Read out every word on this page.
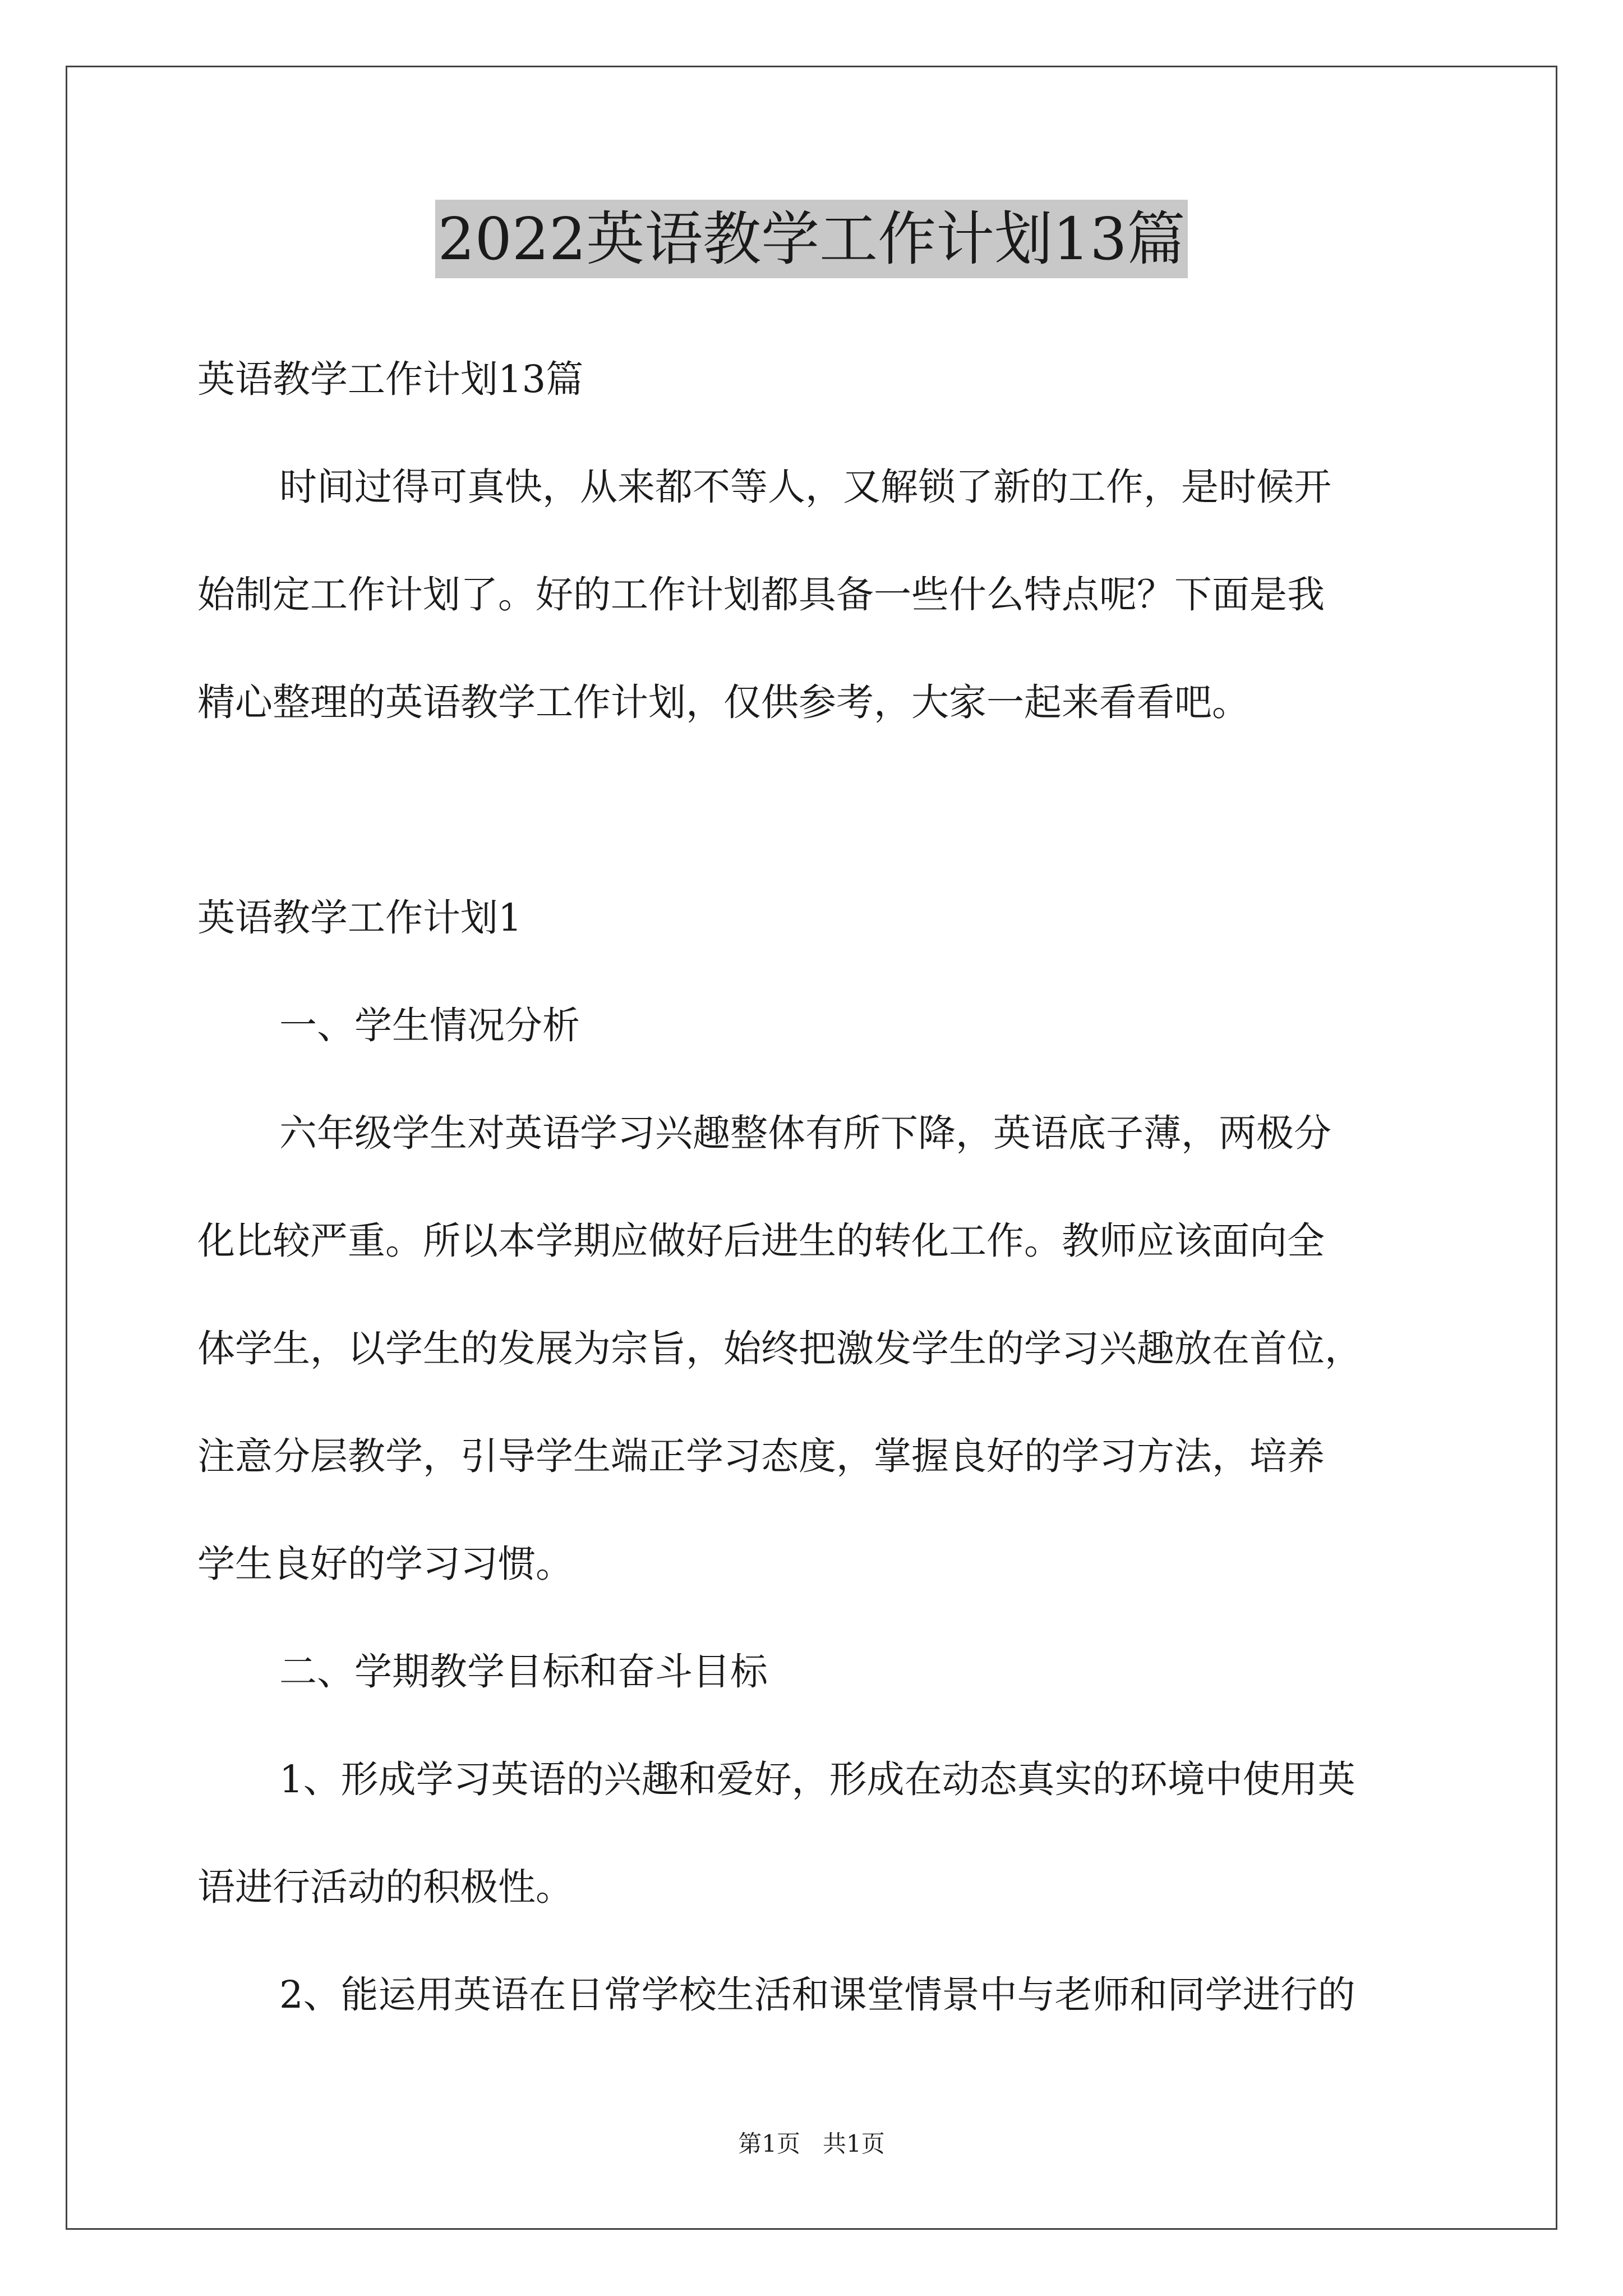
2022英语教学工作计划13篇
英语教学工作计划13篇
时间过得可真快，从来都不等人，又解锁了新的工作，是时候开
始制定工作计划了。好的工作计划都具备一些什么特点呢？下面是我
精心整理的英语教学工作计划，仅供参考，大家一起来看看吧。
英语教学工作计划1
一、学生情况分析
六年级学生对英语学习兴趣整体有所下降，英语底子薄，两极分
化比较严重。所以本学期应做好后进生的转化工作。教师应该面向全
体学生，以学生的发展为宗旨，始终把激发学生的学习兴趣放在首位，
注意分层教学，引导学生端正学习态度，掌握良好的学习方法，培养
学生良好的学习习惯。
二、学期教学目标和奋斗目标
1、形成学习英语的兴趣和爱好，形成在动态真实的环境中使用英
语进行活动的积极性。
2、能运用英语在日常学校生活和课堂情景中与老师和同学进行的
第1页   共1页
